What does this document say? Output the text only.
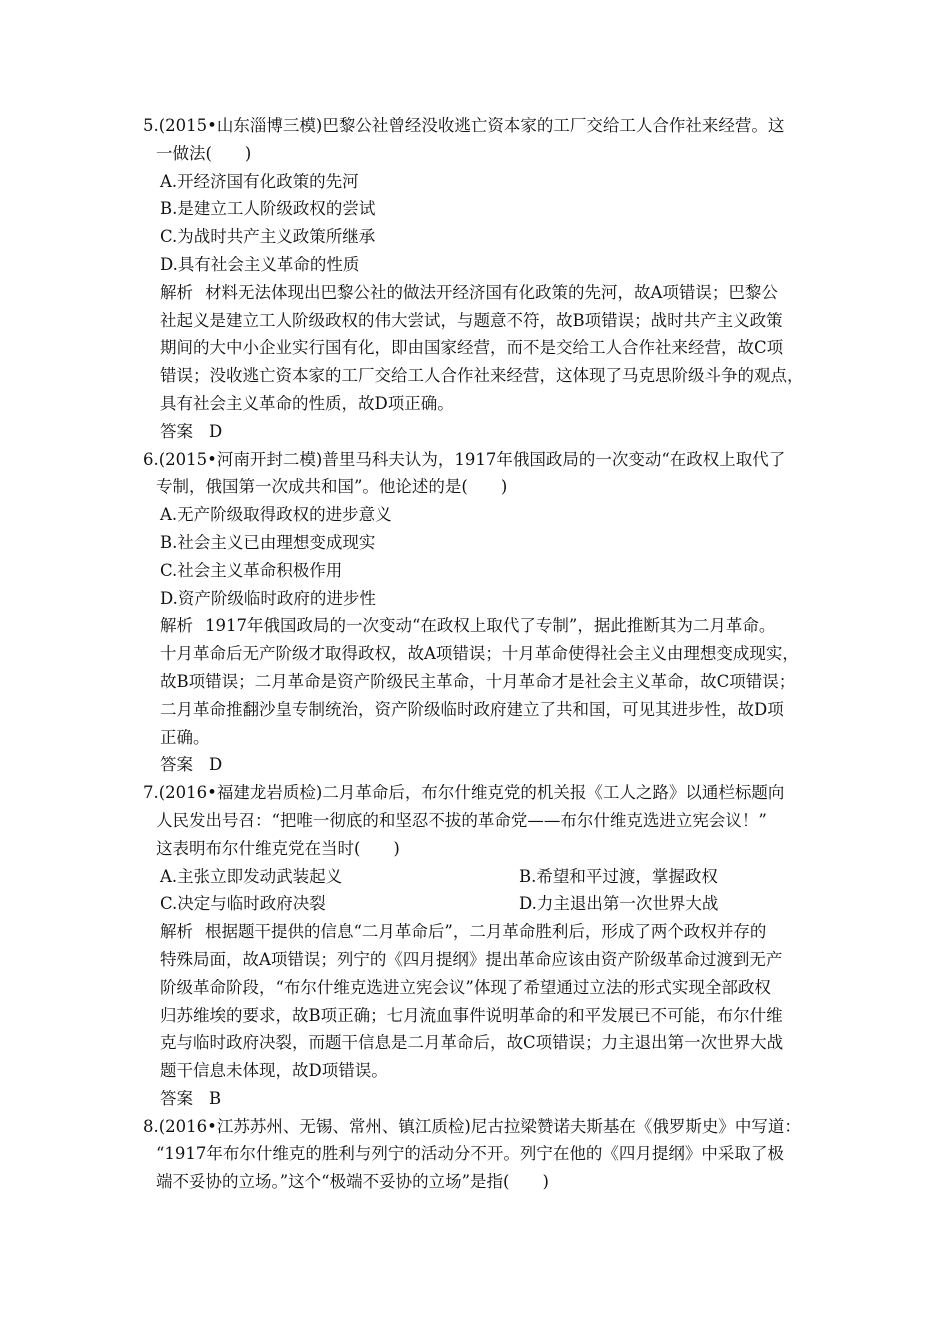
5.(2015•山东淄博三模)巴黎公社曾经没收逃亡资本家的工厂交给工人合作社来经营。这
一做法(　　)
A.开经济国有化政策的先河
B.是建立工人阶级政权的尝试
C.为战时共产主义政策所继承
D.具有社会主义革命的性质
解析 材料无法体现出巴黎公社的做法开经济国有化政策的先河，故A项错误；巴黎公
社起义是建立工人阶级政权的伟大尝试，与题意不符，故B项错误；战时共产主义政策
期间的大中小企业实行国有化，即由国家经营，而不是交给工人合作社来经营，故C项
错误；没收逃亡资本家的工厂交给工人合作社来经营，这体现了马克思阶级斗争的观点，
具有社会主义革命的性质，故D项正确。
答案 D
6.(2015•河南开封二模)普里马科夫认为，1917年俄国政局的一次变动“在政权上取代了
专制，俄国第一次成共和国”。他论述的是(　　)
A.无产阶级取得政权的进步意义
B.社会主义已由理想变成现实
C.社会主义革命积极作用
D.资产阶级临时政府的进步性
解析 1917年俄国政局的一次变动“在政权上取代了专制”，据此推断其为二月革命。
十月革命后无产阶级才取得政权，故A项错误；十月革命使得社会主义由理想变成现实，
故B项错误；二月革命是资产阶级民主革命，十月革命才是社会主义革命，故C项错误；
二月革命推翻沙皇专制统治，资产阶级临时政府建立了共和国，可见其进步性，故D项
正确。
答案 D
7.(2016•福建龙岩质检)二月革命后，布尔什维克党的机关报《工人之路》以通栏标题向
人民发出号召：“把唯一彻底的和坚忍不拔的革命党——布尔什维克选进立宪会议！”
这表明布尔什维克党在当时(　　)
A.主张立即发动武装起义	B.希望和平过渡，掌握政权
C.决定与临时政府决裂	D.力主退出第一次世界大战
解析 根据题干提供的信息“二月革命后”，二月革命胜利后，形成了两个政权并存的
特殊局面，故A项错误；列宁的《四月提纲》提出革命应该由资产阶级革命过渡到无产
阶级革命阶段，“布尔什维克选进立宪会议”体现了希望通过立法的形式实现全部政权
归苏维埃的要求，故B项正确；七月流血事件说明革命的和平发展已不可能，布尔什维
克与临时政府决裂，而题干信息是二月革命后，故C项错误；力主退出第一次世界大战
题干信息未体现，故D项错误。
答案 B
8.(2016•江苏苏州、无锡、常州、镇江质检)尼古拉梁赞诺夫斯基在《俄罗斯史》中写道：
“1917年布尔什维克的胜利与列宁的活动分不开。列宁在他的《四月提纲》中采取了极
端不妥协的立场。”这个“极端不妥协的立场”是指(　　)
